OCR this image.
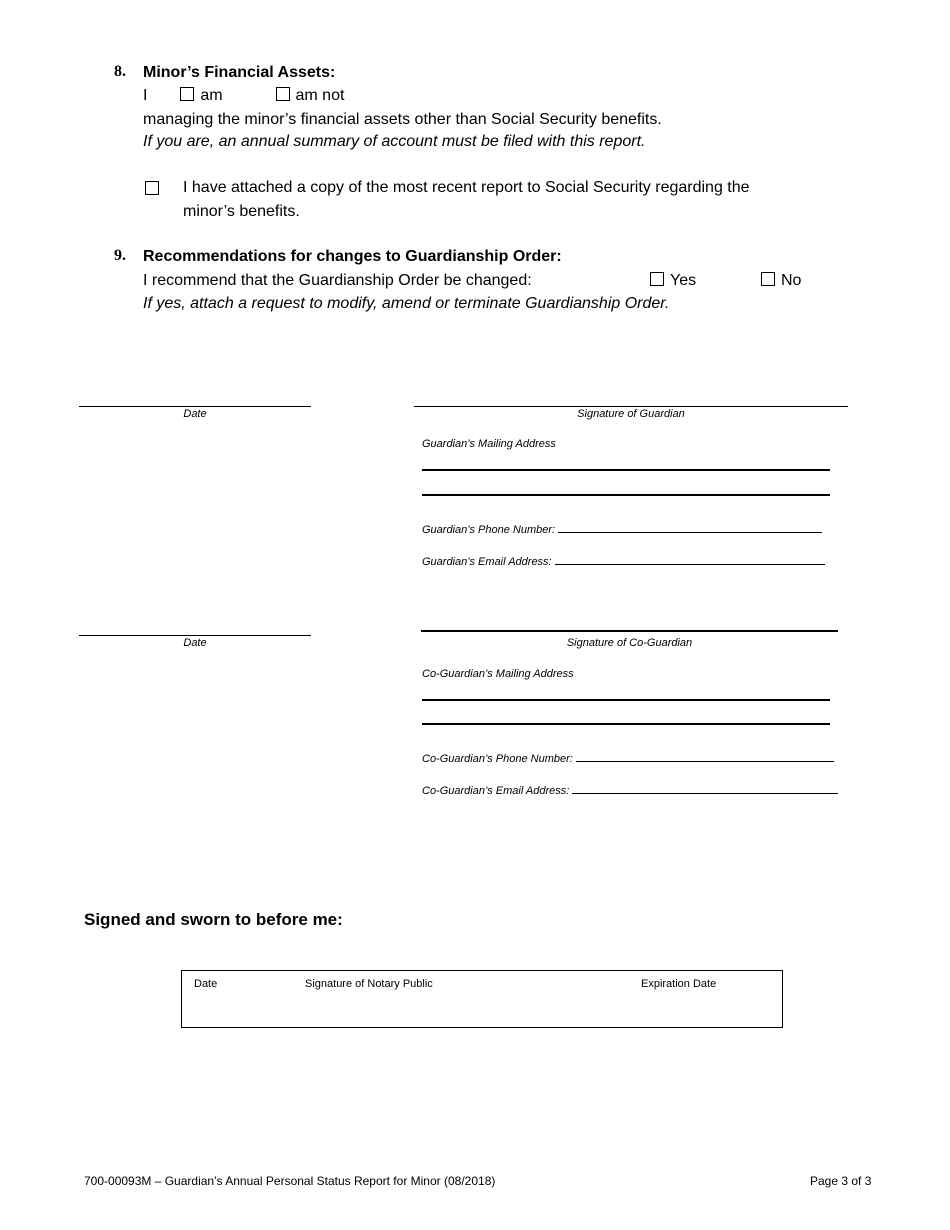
8. Minor’s Financial Assets:
I	am	am not
managing the minor’s financial assets other than Social Security benefits.
If you are, an annual summary of account must be filed with this report.
I have attached a copy of the most recent report to Social Security regarding the
minor’s benefits.
9. Recommendations for changes to Guardianship Order:
I recommend that the Guardianship Order be changed:	Yes	No
If yes, attach a request to modify, amend or terminate Guardianship Order.
Date	Signature of Guardian
Guardian’s Mailing Address
Guardian’s Phone Number:
Guardian’s Email Address:
Date	Signature of Co-Guardian
Co-Guardian’s Mailing Address
Co-Guardian’s Phone Number:
Co-Guardian’s Email Address:
Signed and sworn to before me:
Date	Signature of Notary Public	Expiration Date
700-00093M – Guardian’s Annual Personal Status Report for Minor (08/2018)	Page 3 of 3
